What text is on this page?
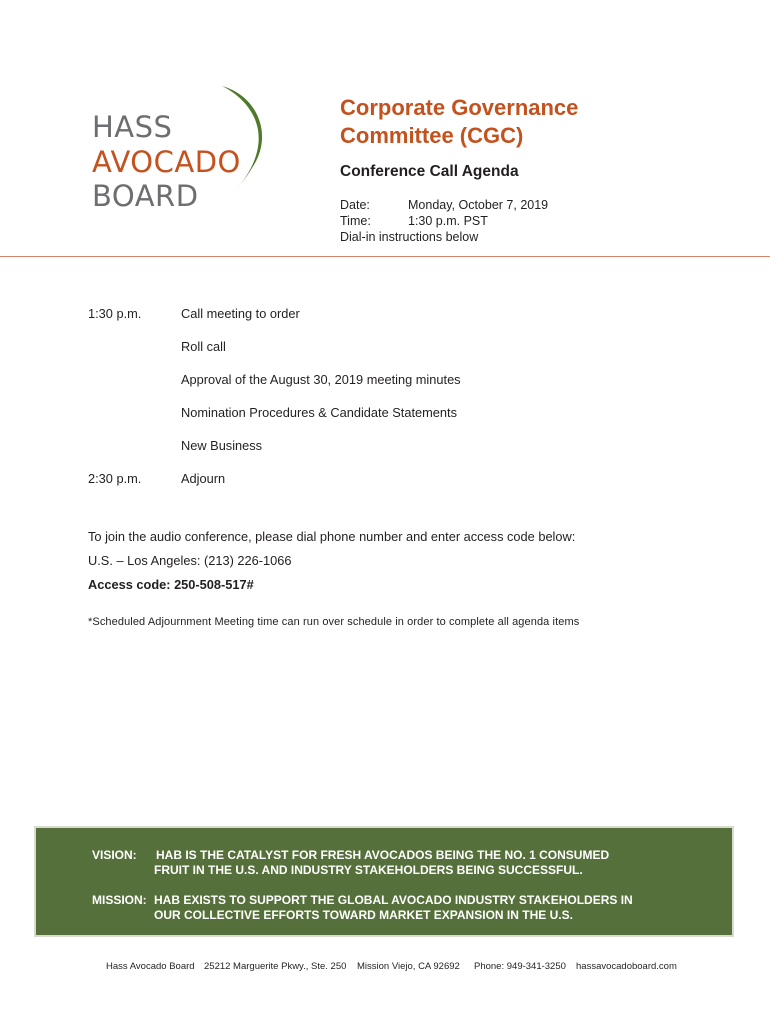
HASS
AVOCADO
BOARD
Corporate Governance
Committee (CGC)
Conference Call Agenda
Date:	Monday, October 7, 2019
Time:	1:30 p.m. PST
Dial-in instructions below
1:30 p.m.	Call meeting to order
Roll call
Approval of the August 30, 2019 meeting minutes
Nomination Procedures & Candidate Statements
New Business
2:30 p.m.	Adjourn
To join the audio conference, please dial phone number and enter access code below:
U.S. – Los Angeles: (213) 226-1066
Access code: 250-508-517#
*Scheduled Adjournment Meeting time can run over schedule in order to complete all agenda items
VISION: HAB IS THE CATALYST FOR FRESH AVOCADOS BEING THE NO. 1 CONSUMED
FRUIT IN THE U.S. AND INDUSTRY STAKEHOLDERS BEING SUCCESSFUL.
MISSION: HAB EXISTS TO SUPPORT THE GLOBAL AVOCADO INDUSTRY STAKEHOLDERS IN
OUR COLLECTIVE EFFORTS TOWARD MARKET EXPANSION IN THE U.S.
Hass Avocado Board 25212 Marguerite Pkwy., Ste. 250 Mission Viejo, CA 92692 Phone: 949-341-3250 hassavocadoboard.com
